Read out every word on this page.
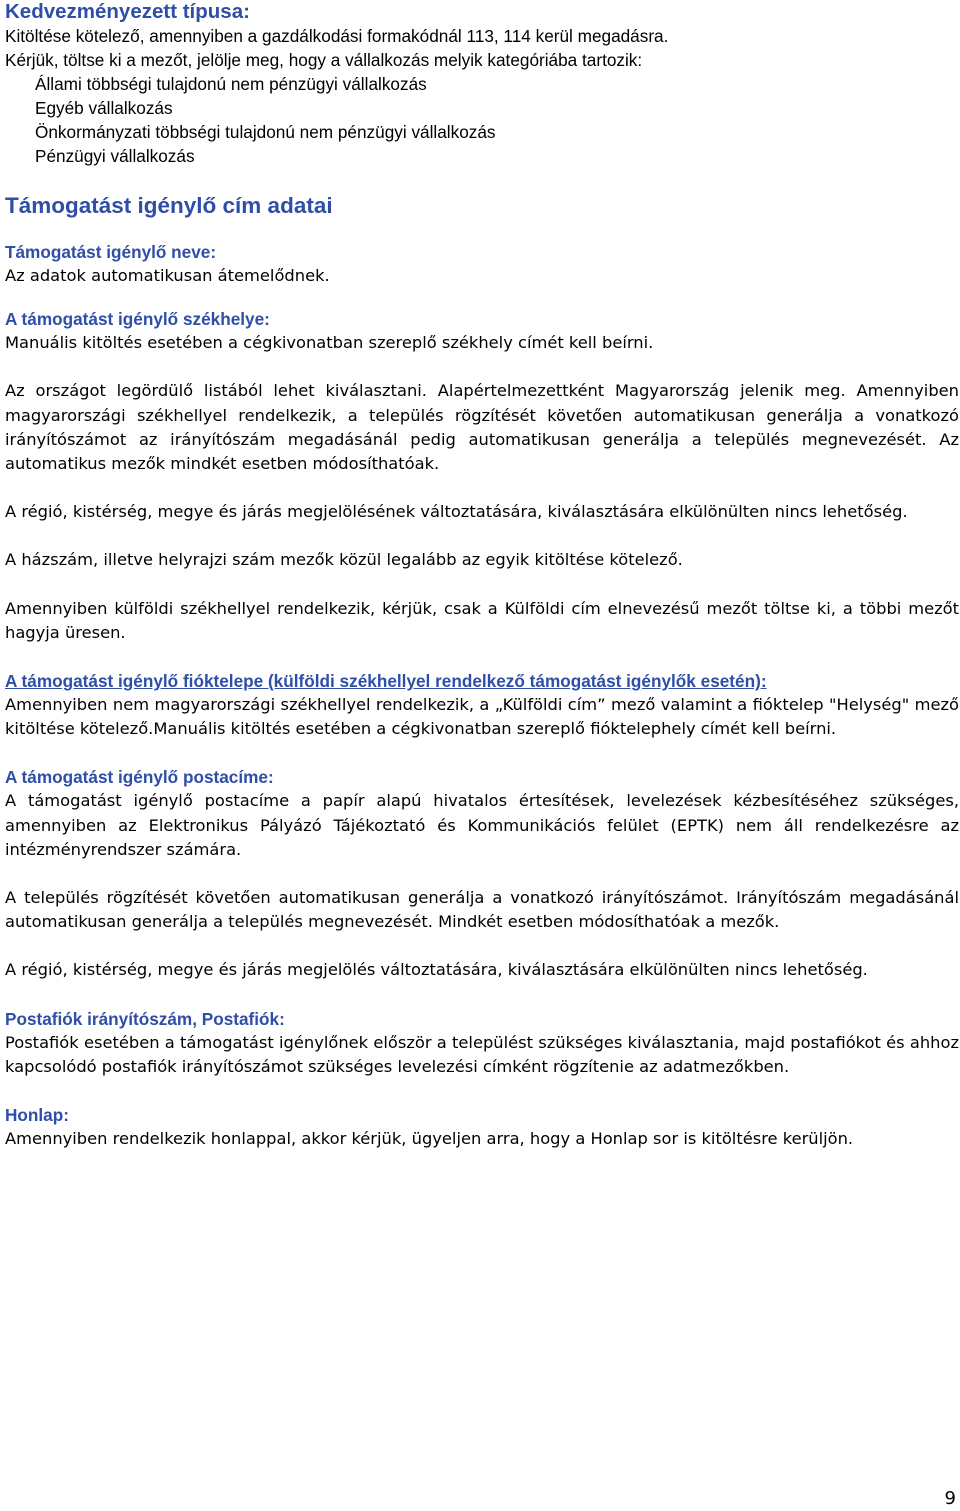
Kedvezményezett típusa:

Kitöltése kötelező, amennyiben a gazdálkodási formakódnál 113, 114 kerül megadásra.

Kérjük, töltse ki a mezőt, jelölje meg, hogy a vállalkozás melyik kategóriába tartozik:

Állami többségi tulajdonú nem pénzügyi vállalkozás

Egyéb vállalkozás

Önkormányzati többségi tulajdonú nem pénzügyi vállalkozás

Pénzügyi vállalkozás

Támogatást igénylő cím adatai

Támogatást igénylő neve:

Az adatok automatikusan átemelődnek.

A támogatást igénylő székhelye:

Manuális kitöltés esetében a cégkivonatban szereplő székhely címét kell beírni.

Az országot legördülő listából lehet kiválasztani. Alapértelmezettként Magyarország jelenik meg. Amennyiben magyarországi székhellyel rendelkezik, a település rögzítését követően automatikusan generálja a vonatkozó irányítószámot az irányítószám megadásánál pedig automatikusan generálja a település megnevezését. Az automatikus mezők mindkét esetben módosíthatóak.

A régió, kistérség, megye és járás megjelölésének változtatására, kiválasztására elkülönülten nincs lehetőség.

A házszám, illetve helyrajzi szám mezők közül legalább az egyik kitöltése kötelező.

Amennyiben külföldi székhellyel rendelkezik, kérjük, csak a Külföldi cím elnevezésű mezőt töltse ki, a többi mezőt hagyja üresen.

A támogatást igénylő fióktelepe (külföldi székhellyel rendelkező támogatást igénylők esetén):

Amennyiben nem magyarországi székhellyel rendelkezik, a „Külföldi cím” mező valamint a fióktelep "Helység" mező kitöltése kötelező.Manuális kitöltés esetében a cégkivonatban szereplő fióktelephely címét kell beírni.

A támogatást igénylő postacíme:

A támogatást igénylő postacíme a papír alapú hivatalos értesítések, levelezések kézbesítéséhez szükséges, amennyiben az Elektronikus Pályázó Tájékoztató és Kommunikációs felület (EPTK) nem áll rendelkezésre az intézményrendszer számára.

A település rögzítését követően automatikusan generálja a vonatkozó irányítószámot. Irányítószám megadásánál automatikusan generálja a település megnevezését. Mindkét esetben módosíthatóak a mezők.

A régió, kistérség, megye és járás megjelölés változtatására, kiválasztására elkülönülten nincs lehetőség.

Postafiók irányítószám, Postafiók:

Postafiók esetében a támogatást igénylőnek először a települést szükséges kiválasztania, majd postafiókot és ahhoz kapcsolódó postafiók irányítószámot szükséges levelezési címként rögzítenie az adatmezőkben.

Honlap:

Amennyiben rendelkezik honlappal, akkor kérjük, ügyeljen arra, hogy a Honlap sor is kitöltésre kerüljön.

9
